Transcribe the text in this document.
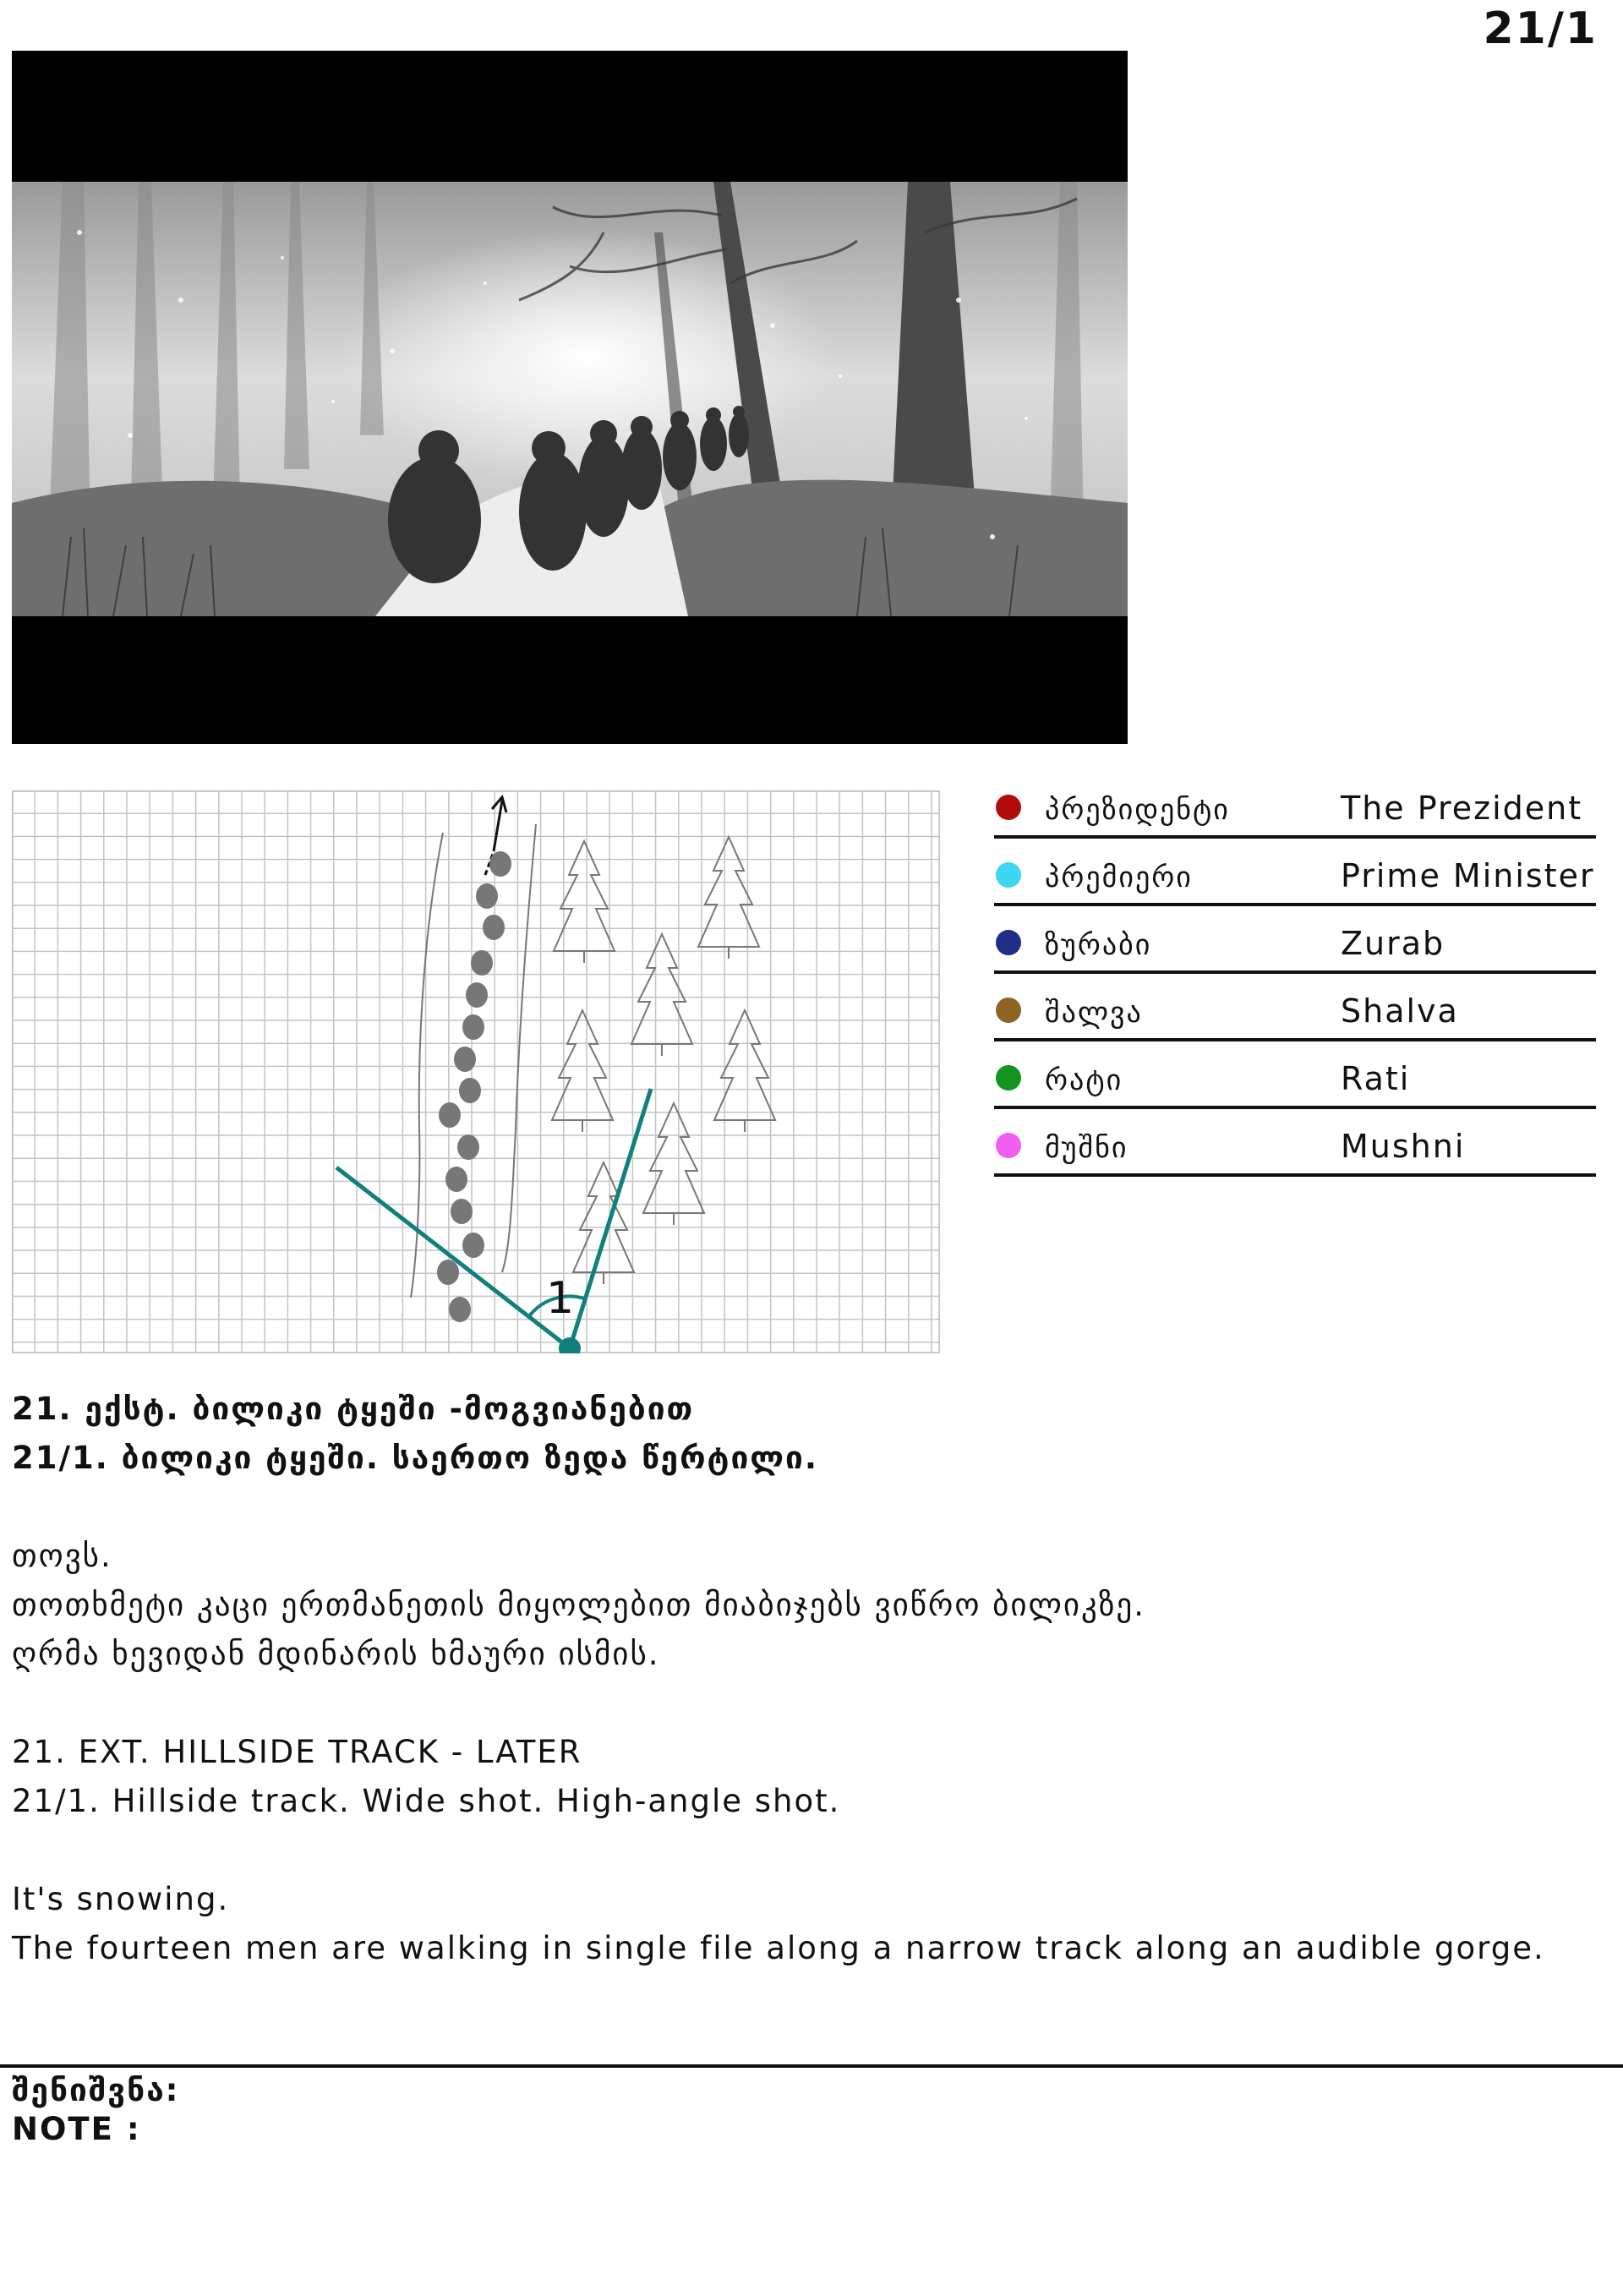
21/1
1
პრეზიდენტი	The Prezident
პრემიერი	Prime Minister
ზურაბი	Zurab
შალვა	Shalva
რატი	Rati
მუშნი	Mushni
21. ექსტ. ბილიკი ტყეში -მოგვიანებით
21/1. ბილიკი ტყეში. საერთო ზედა წერტილი.
თოვს.
თოთხმეტი კაცი ერთმანეთის მიყოლებით მიაბიჯებს ვიწრო ბილიკზე.
ღრმა ხევიდან მდინარის ხმაური ისმის.
21. EXT. HILLSIDE TRACK - LATER
21/1. Hillside track. Wide shot. High-angle shot.
It's snowing.
The fourteen men are walking in single file along a narrow track along an audible gorge.
შენიშვნა:
NOTE :
